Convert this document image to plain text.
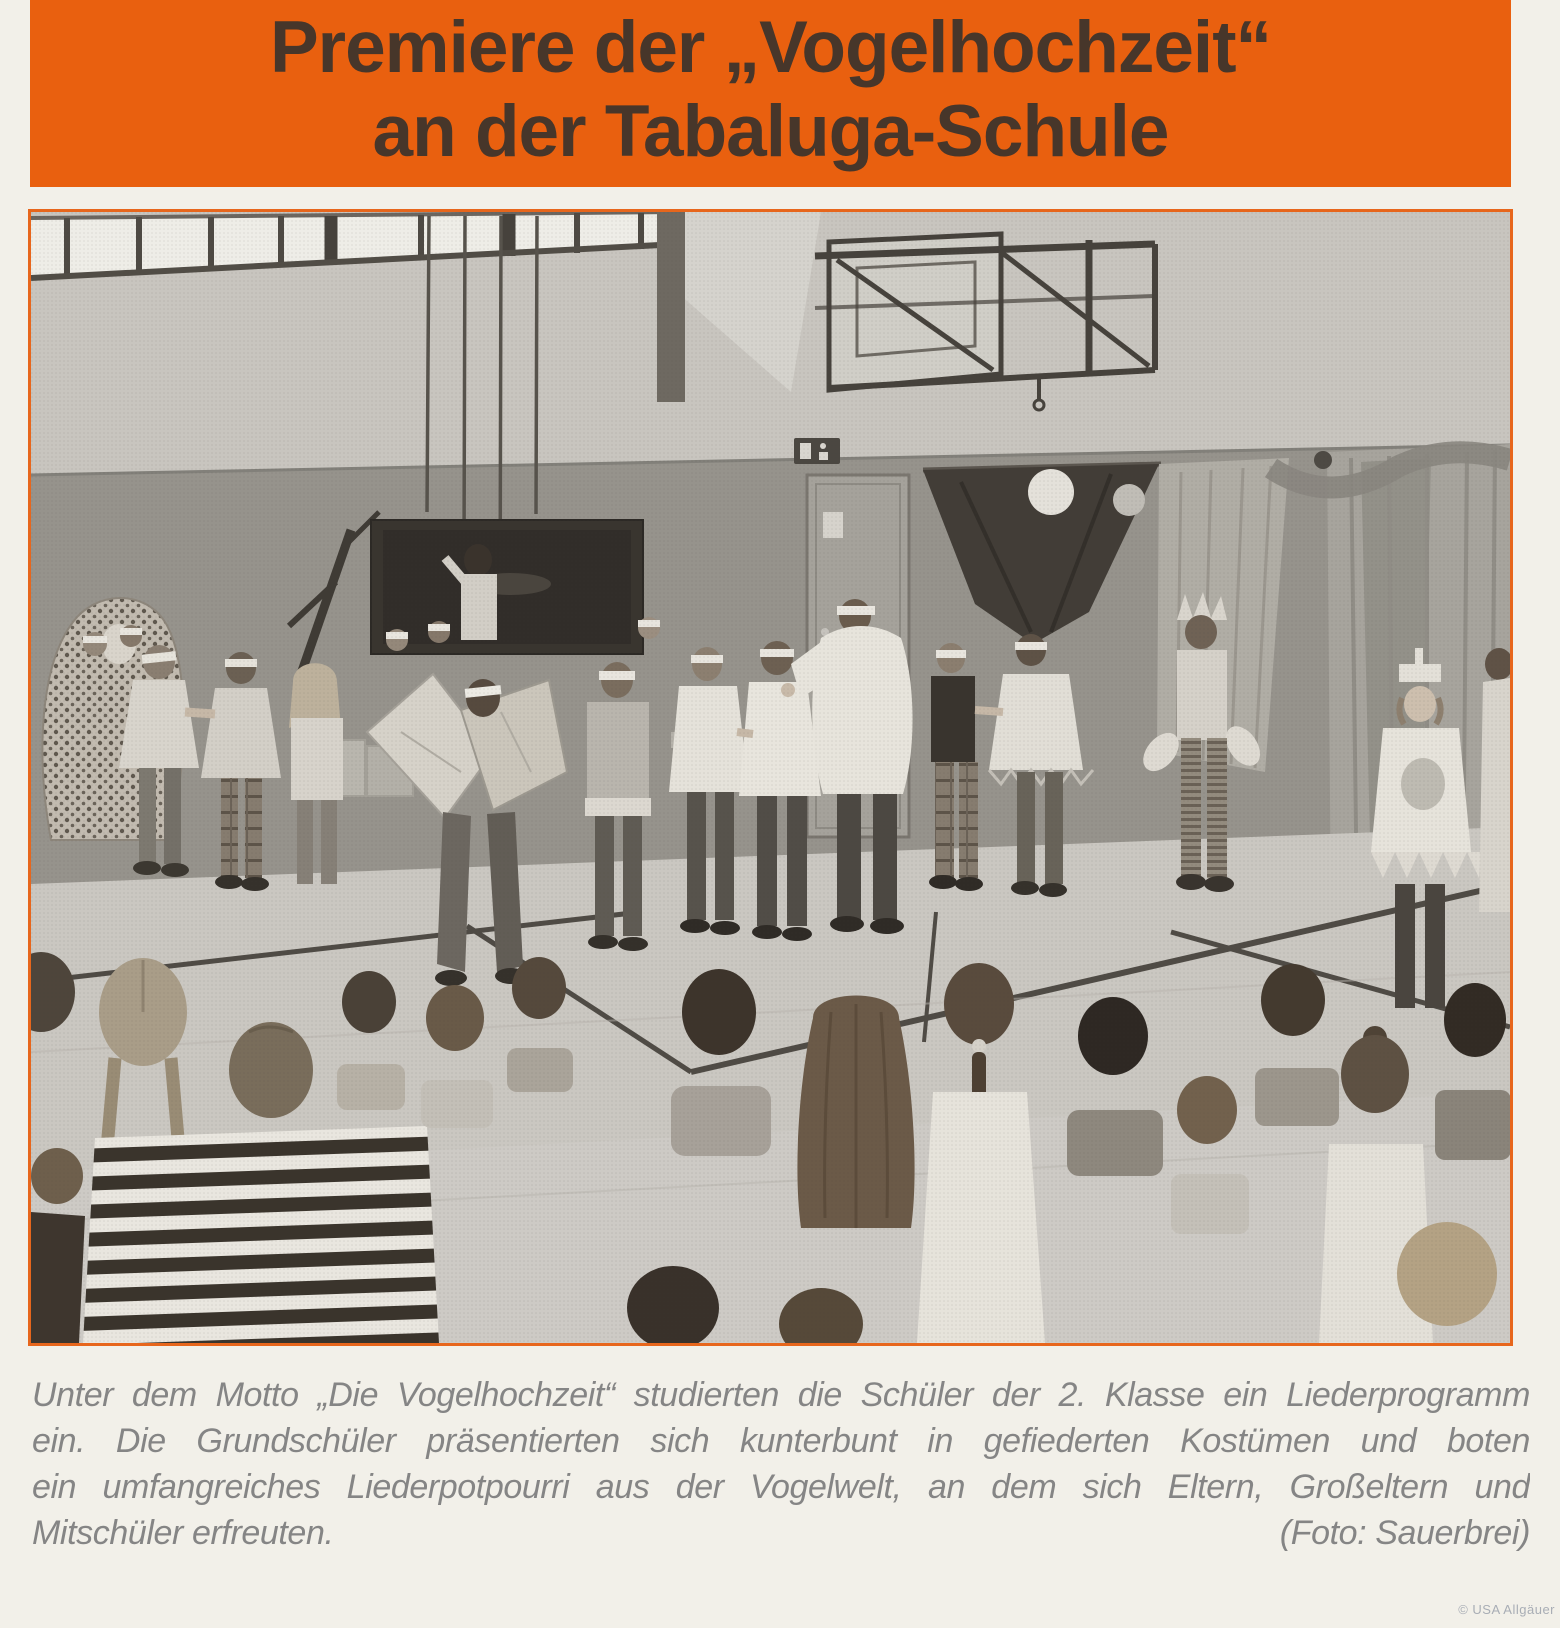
Premiere der „Vogelhochzeit“
an der Tabaluga-Schule
Unter dem Motto „Die Vogelhochzeit“ studierten die Schüler der 2. Klasse ein Liederprogramm
ein. Die Grundschüler präsentierten sich kunterbunt in gefiederten Kostümen und boten
ein umfangreiches Liederpotpourri aus der Vogelwelt, an dem sich Eltern, Großeltern und
Mitschüler erfreuten.	(Foto: Sauerbrei)
© USA Allgäuer
